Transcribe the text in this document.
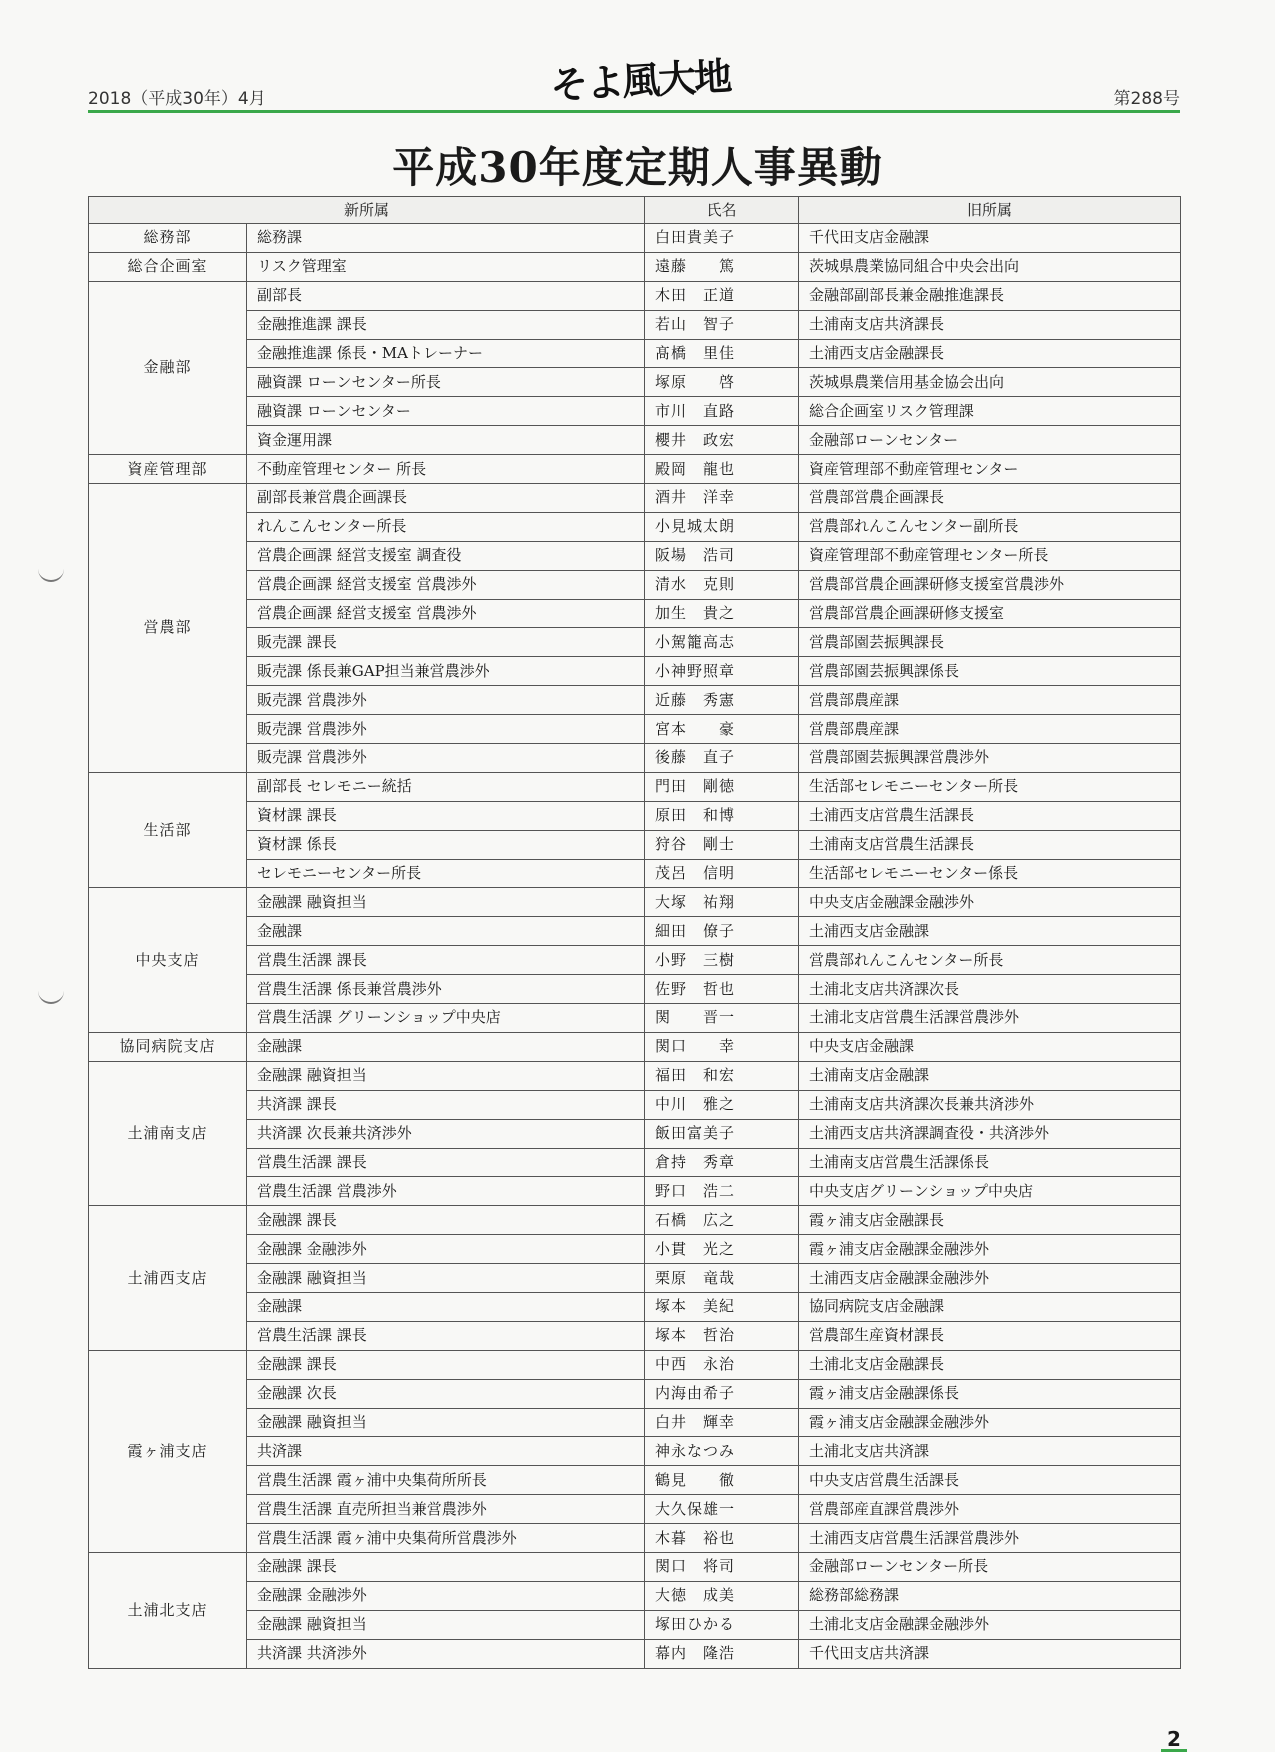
2018（平成30年）4月	そよ風大地	第288号
平成30年度定期人事異動
新所属		氏名	旧所属
総務部	総務課	白田貴美子	千代田支店金融課
総合企画室	リスク管理室	遠藤　　篤	茨城県農業協同組合中央会出向
金融部	副部長	木田　正道	金融部副部長兼金融推進課長
	金融推進課 課長	若山　智子	土浦南支店共済課長
	金融推進課 係長・MAトレーナー	髙橋　里佳	土浦西支店金融課長
	融資課 ローンセンター所長	塚原　　啓	茨城県農業信用基金協会出向
	融資課 ローンセンター	市川　直路	総合企画室リスク管理課
	資金運用課	櫻井　政宏	金融部ローンセンター
資産管理部	不動産管理センター 所長	殿岡　龍也	資産管理部不動産管理センター
営農部	副部長兼営農企画課長	酒井　洋幸	営農部営農企画課長
	れんこんセンター所長	小見城太朗	営農部れんこんセンター副所長
	営農企画課 経営支援室 調査役	阪場　浩司	資産管理部不動産管理センター所長
	営農企画課 経営支援室 営農渉外	清水　克則	営農部営農企画課研修支援室営農渉外
	営農企画課 経営支援室 営農渉外	加生　貴之	営農部営農企画課研修支援室
	販売課 課長	小駕籠高志	営農部園芸振興課長
	販売課 係長兼GAP担当兼営農渉外	小神野照章	営農部園芸振興課係長
	販売課 営農渉外	近藤　秀憲	営農部農産課
	販売課 営農渉外	宮本　　豪	営農部農産課
	販売課 営農渉外	後藤　直子	営農部園芸振興課営農渉外
生活部	副部長 セレモニー統括	門田　剛徳	生活部セレモニーセンター所長
	資材課 課長	原田　和博	土浦西支店営農生活課長
	資材課 係長	狩谷　剛士	土浦南支店営農生活課長
	セレモニーセンター所長	茂呂　信明	生活部セレモニーセンター係長
中央支店	金融課 融資担当	大塚　祐翔	中央支店金融課金融渉外
	金融課	細田　僚子	土浦西支店金融課
	営農生活課 課長	小野　三樹	営農部れんこんセンター所長
	営農生活課 係長兼営農渉外	佐野　哲也	土浦北支店共済課次長
	営農生活課 グリーンショップ中央店	関　　晋一	土浦北支店営農生活課営農渉外
協同病院支店	金融課	関口　　幸	中央支店金融課
土浦南支店	金融課 融資担当	福田　和宏	土浦南支店金融課
	共済課 課長	中川　雅之	土浦南支店共済課次長兼共済渉外
	共済課 次長兼共済渉外	飯田富美子	土浦西支店共済課調査役・共済渉外
	営農生活課 課長	倉持　秀章	土浦南支店営農生活課係長
	営農生活課 営農渉外	野口　浩二	中央支店グリーンショップ中央店
土浦西支店	金融課 課長	石橋　広之	霞ヶ浦支店金融課長
	金融課 金融渉外	小貫　光之	霞ヶ浦支店金融課金融渉外
	金融課 融資担当	栗原　竜哉	土浦西支店金融課金融渉外
	金融課	塚本　美紀	協同病院支店金融課
	営農生活課 課長	塚本　哲治	営農部生産資材課長
霞ヶ浦支店	金融課 課長	中西　永治	土浦北支店金融課長
	金融課 次長	内海由希子	霞ヶ浦支店金融課係長
	金融課 融資担当	白井　輝幸	霞ヶ浦支店金融課金融渉外
	共済課	神永なつみ	土浦北支店共済課
	営農生活課 霞ヶ浦中央集荷所所長	鶴見　　徹	中央支店営農生活課長
	営農生活課 直売所担当兼営農渉外	大久保雄一	営農部産直課営農渉外
	営農生活課 霞ヶ浦中央集荷所営農渉外	木暮　裕也	土浦西支店営農生活課営農渉外
土浦北支店	金融課 課長	関口　将司	金融部ローンセンター所長
	金融課 金融渉外	大徳　成美	総務部総務課
	金融課 融資担当	塚田ひかる	土浦北支店金融課金融渉外
	共済課 共済渉外	幕内　隆浩	千代田支店共済課
2
